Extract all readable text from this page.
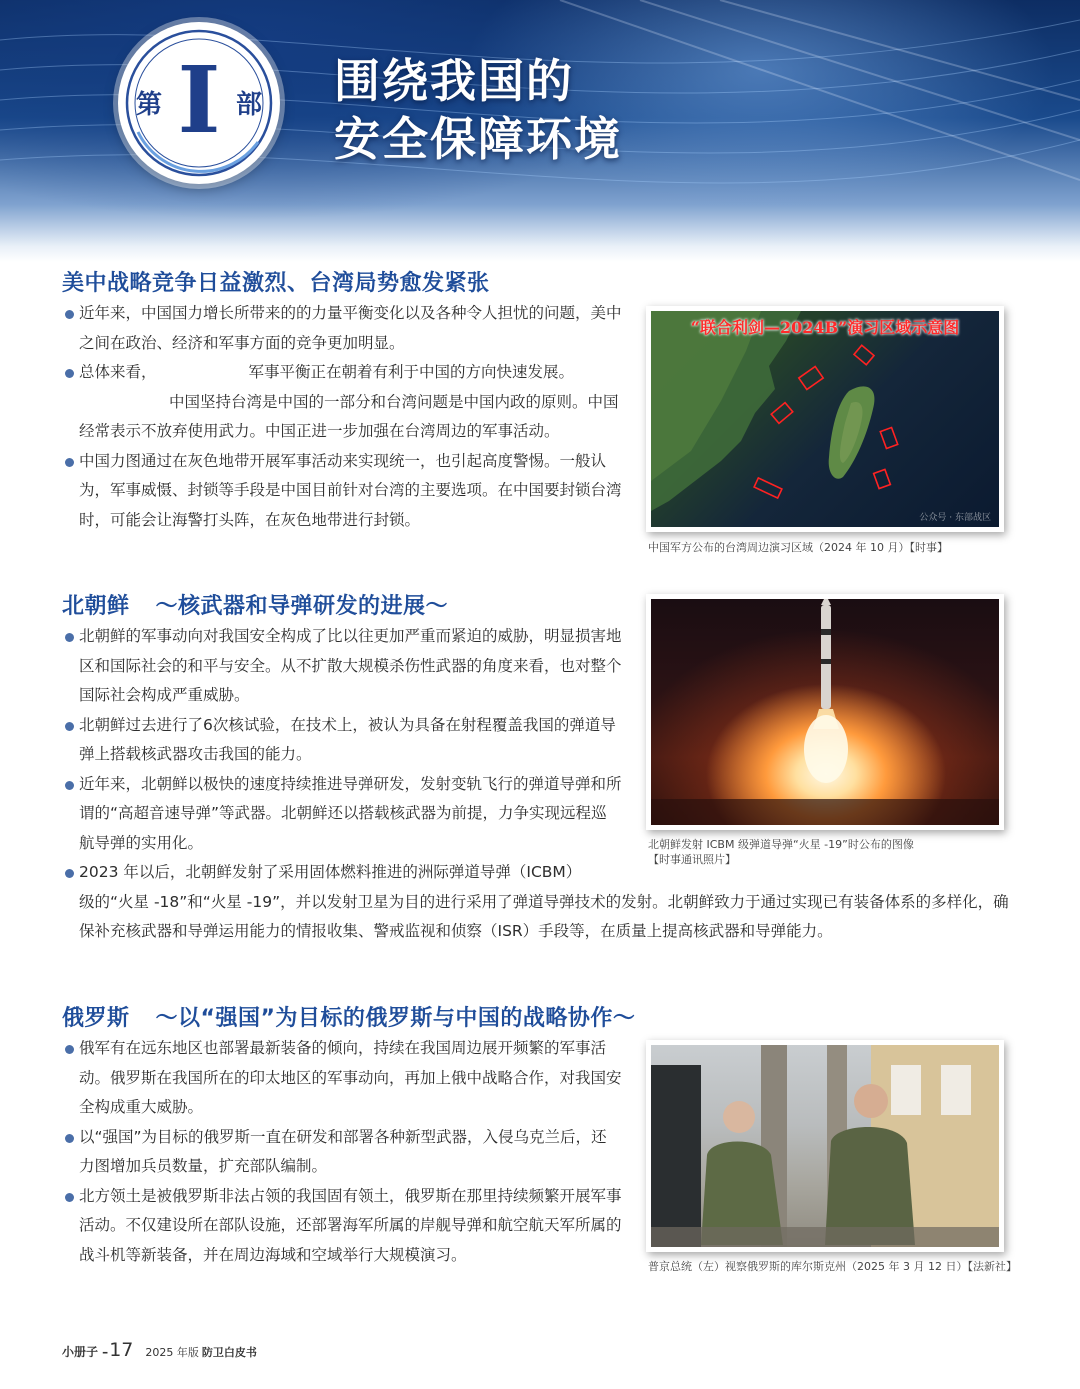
第 I 部 围绕我国的
安全保障环境
美中战略竞争日益激烈、台湾局势愈发紧张
近年来，中国国力增长所带来的的力量平衡变化以及各种令人担忧的问题，美中之间在政治、经济和军事方面的竞争更加明显。
总体来看，	军事平衡正在朝着有利于中国的方向快速发展。
中国坚持台湾是中国的一部分和台湾问题是中国内政的原则。中国经常表示不放弃使用武力。中国正进一步加强在台湾周边的军事活动。
中国力图通过在灰色地带开展军事活动来实现统一，也引起高度警惕。一般认为，军事威慑、封锁等手段是中国目前针对台湾的主要选项。在中国要封锁台湾时，可能会让海警打头阵，在灰色地带进行封锁。
“联合利剑—2024B”演习区域示意图
公众号 · 东部战区
中国军方公布的台湾周边演习区域（2024 年 10 月）【时事】
北朝鲜 ～核武器和导弹研发的进展～
北朝鲜的军事动向对我国安全构成了比以往更加严重而紧迫的威胁，明显损害地区和国际社会的和平与安全。从不扩散大规模杀伤性武器的角度来看，也对整个国际社会构成严重威胁。
北朝鲜过去进行了6次核试验，在技术上，被认为具备在射程覆盖我国的弹道导弹上搭载核武器攻击我国的能力。
近年来，北朝鲜以极快的速度持续推进导弹研发，发射变轨飞行的弹道导弹和所谓的“高超音速导弹”等武器。北朝鲜还以搭载核武器为前提，力争实现远程巡航导弹的实用化。
2023 年以后，北朝鲜发射了采用固体燃料推进的洲际弹道导弹（ICBM）
级的“火星 -18”和“火星 -19”，并以发射卫星为目的进行采用了弹道导弹技术的发射。北朝鲜致力于通过实现已有装备体系的多样化，确保补充核武器和导弹运用能力的情报收集、警戒监视和侦察（ISR）手段等，在质量上提高核武器和导弹能力。
北朝鲜发射 ICBM 级弹道导弹“火星 -19”时公布的图像
【时事通讯照片】
俄罗斯 ～以“强国”为目标的俄罗斯与中国的战略协作～
俄军有在远东地区也部署最新装备的倾向，持续在我国周边展开频繁的军事活动。俄罗斯在我国所在的印太地区的军事动向，再加上俄中战略合作，对我国安全构成重大威胁。
以“强国”为目标的俄罗斯一直在研发和部署各种新型武器，入侵乌克兰后，还力图增加兵员数量，扩充部队编制。
北方领土是被俄罗斯非法占领的我国固有领土，俄罗斯在那里持续频繁开展军事活动。不仅建设所在部队设施，还部署海军所属的岸舰导弹和航空航天军所属的战斗机等新装备，并在周边海域和空域举行大规模演习。
普京总统（左）视察俄罗斯的库尔斯克州（2025 年 3 月 12 日）【法新社】
小册子 –17 2025 年版 防卫白皮书
